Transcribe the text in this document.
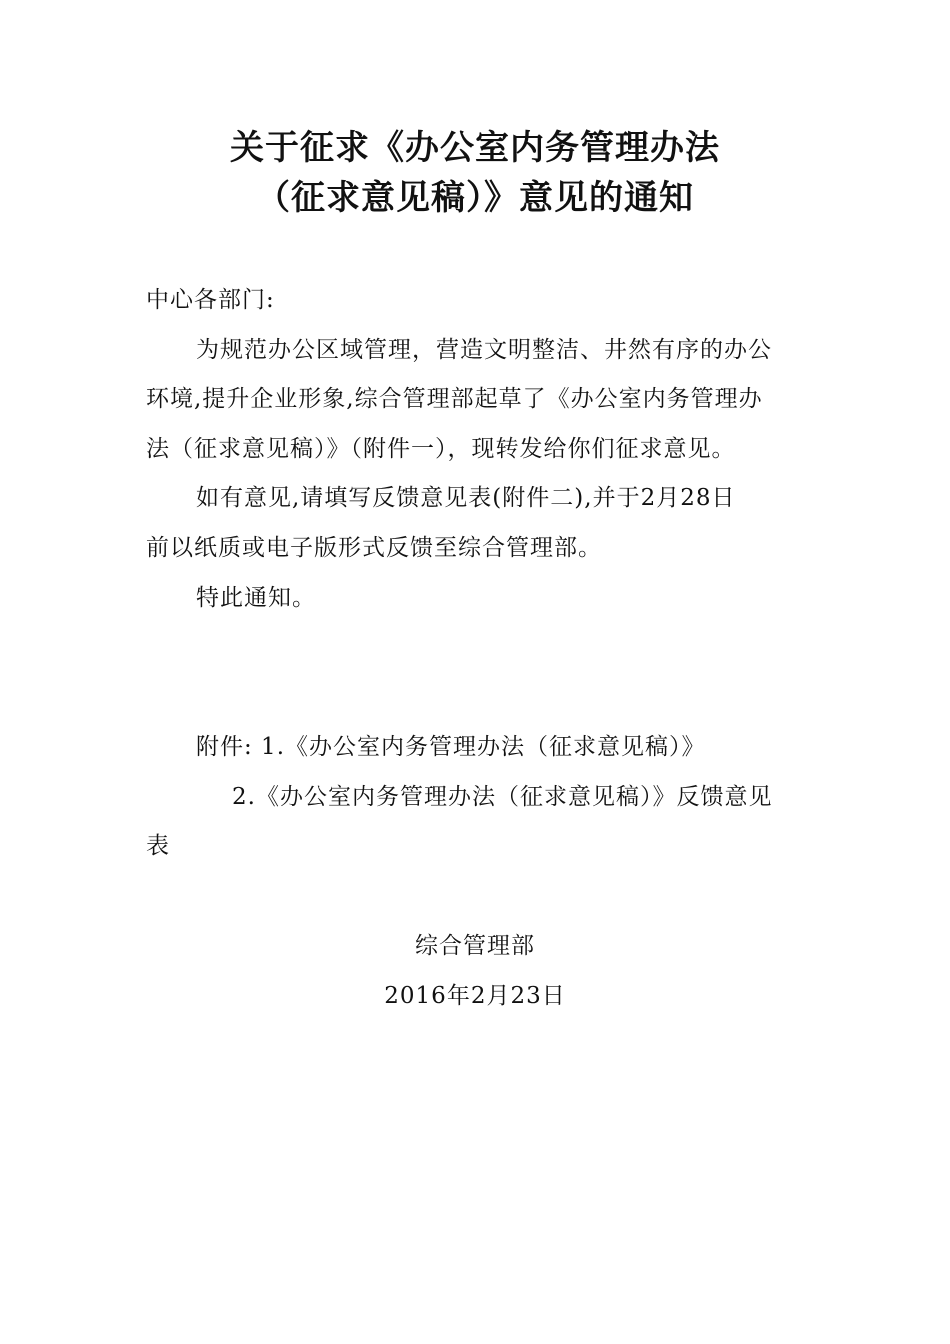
关于征求《办公室内务管理办法
（征求意见稿）》意见的通知
中心各部门:
为规范办公区域管理，营造文明整洁、井然有序的办公
环境,提升企业形象,综合管理部起草了《办公室内务管理办
法（征求意见稿）》（附件一），现转发给你们征求意见。
如有意见,请填写反馈意见表(附件二),并于2月28日
前以纸质或电子版形式反馈至综合管理部。
特此通知。
附件: 1.《办公室内务管理办法（征求意见稿）》
2.《办公室内务管理办法（征求意见稿）》反馈意见
表
综合管理部
2016年2月23日
